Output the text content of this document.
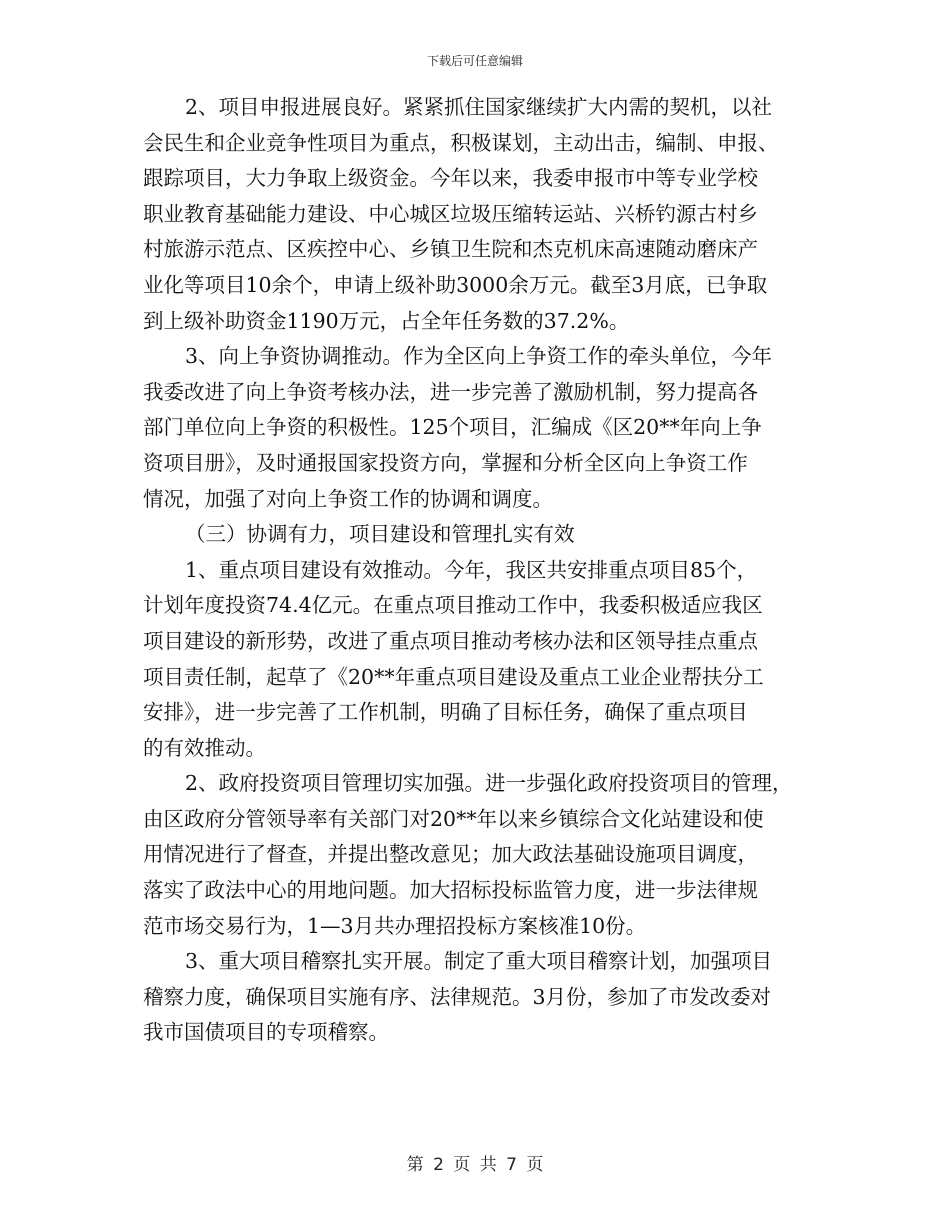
下载后可任意编辑
2、项目申报进展良好。紧紧抓住国家继续扩大内需的契机，以社
会民生和企业竞争性项目为重点，积极谋划，主动出击，编制、申报、
跟踪项目，大力争取上级资金。今年以来，我委申报市中等专业学校
职业教育基础能力建设、中心城区垃圾压缩转运站、兴桥钓源古村乡
村旅游示范点、区疾控中心、乡镇卫生院和杰克机床高速随动磨床产
业化等项目10余个，申请上级补助3000余万元。截至3月底，已争取
到上级补助资金1190万元，占全年任务数的37.2%。
3、向上争资协调推动。作为全区向上争资工作的牵头单位，今年
我委改进了向上争资考核办法，进一步完善了激励机制，努力提高各
部门单位向上争资的积极性。125个项目，汇编成《区20**年向上争
资项目册》，及时通报国家投资方向，掌握和分析全区向上争资工作
情况，加强了对向上争资工作的协调和调度。
（三）协调有力，项目建设和管理扎实有效
1、重点项目建设有效推动。今年，我区共安排重点项目85个，
计划年度投资74.4亿元。在重点项目推动工作中，我委积极适应我区
项目建设的新形势，改进了重点项目推动考核办法和区领导挂点重点
项目责任制，起草了《20**年重点项目建设及重点工业企业帮扶分工
安排》，进一步完善了工作机制，明确了目标任务，确保了重点项目
的有效推动。
2、政府投资项目管理切实加强。进一步强化政府投资项目的管理，
由区政府分管领导率有关部门对20**年以来乡镇综合文化站建设和使
用情况进行了督查，并提出整改意见；加大政法基础设施项目调度，
落实了政法中心的用地问题。加大招标投标监管力度，进一步法律规
范市场交易行为，1—3月共办理招投标方案核准10份。
3、重大项目稽察扎实开展。制定了重大项目稽察计划，加强项目
稽察力度，确保项目实施有序、法律规范。3月份，参加了市发改委对
我市国债项目的专项稽察。
第 2 页 共 7 页
